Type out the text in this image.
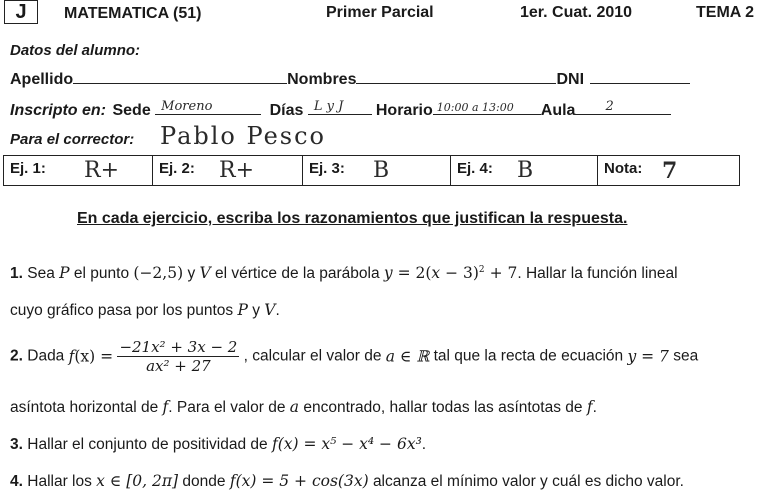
J	MATEMATICA (51)	Primer Parcial	1er. Cuat. 2010	TEMA 2
Datos del alumno:
Apellido	Nombres	DNI
Inscripto en: Sede Moreno	Días L y J Horario 10:00 a 13:00 Aula 2
Para el corrector: Pablo Pesco
Ej. 1: R+	Ej. 2: R+	Ej. 3: B	Ej. 4: B	Nota: 7
En cada ejercicio, escriba los razonamientos que justifican la respuesta.
1. Sea P el punto (−2,5) y V el vértice de la parábola $y = 2(x - 3)^2 + 7$. Hallar la función lineal
cuyo gráfico pasa por los puntos P y V.
2. Dada $f(x) = \frac{\text{−21x² + 3x − 2}}{\text{ax² + 27}}$ , calcular el valor de a ∈ ℝ tal que la recta de ecuación y = 7 sea
asíntota horizontal de f. Para el valor de a encontrado, hallar todas las asíntotas de f.
3. Hallar el conjunto de positividad de f(x) = x⁵ − x⁴ − 6x³.
4. Hallar los x ∈ [0, 2π] donde f(x) = 5 + cos(3x) alcanza el mínimo valor y cuál es dicho valor.
